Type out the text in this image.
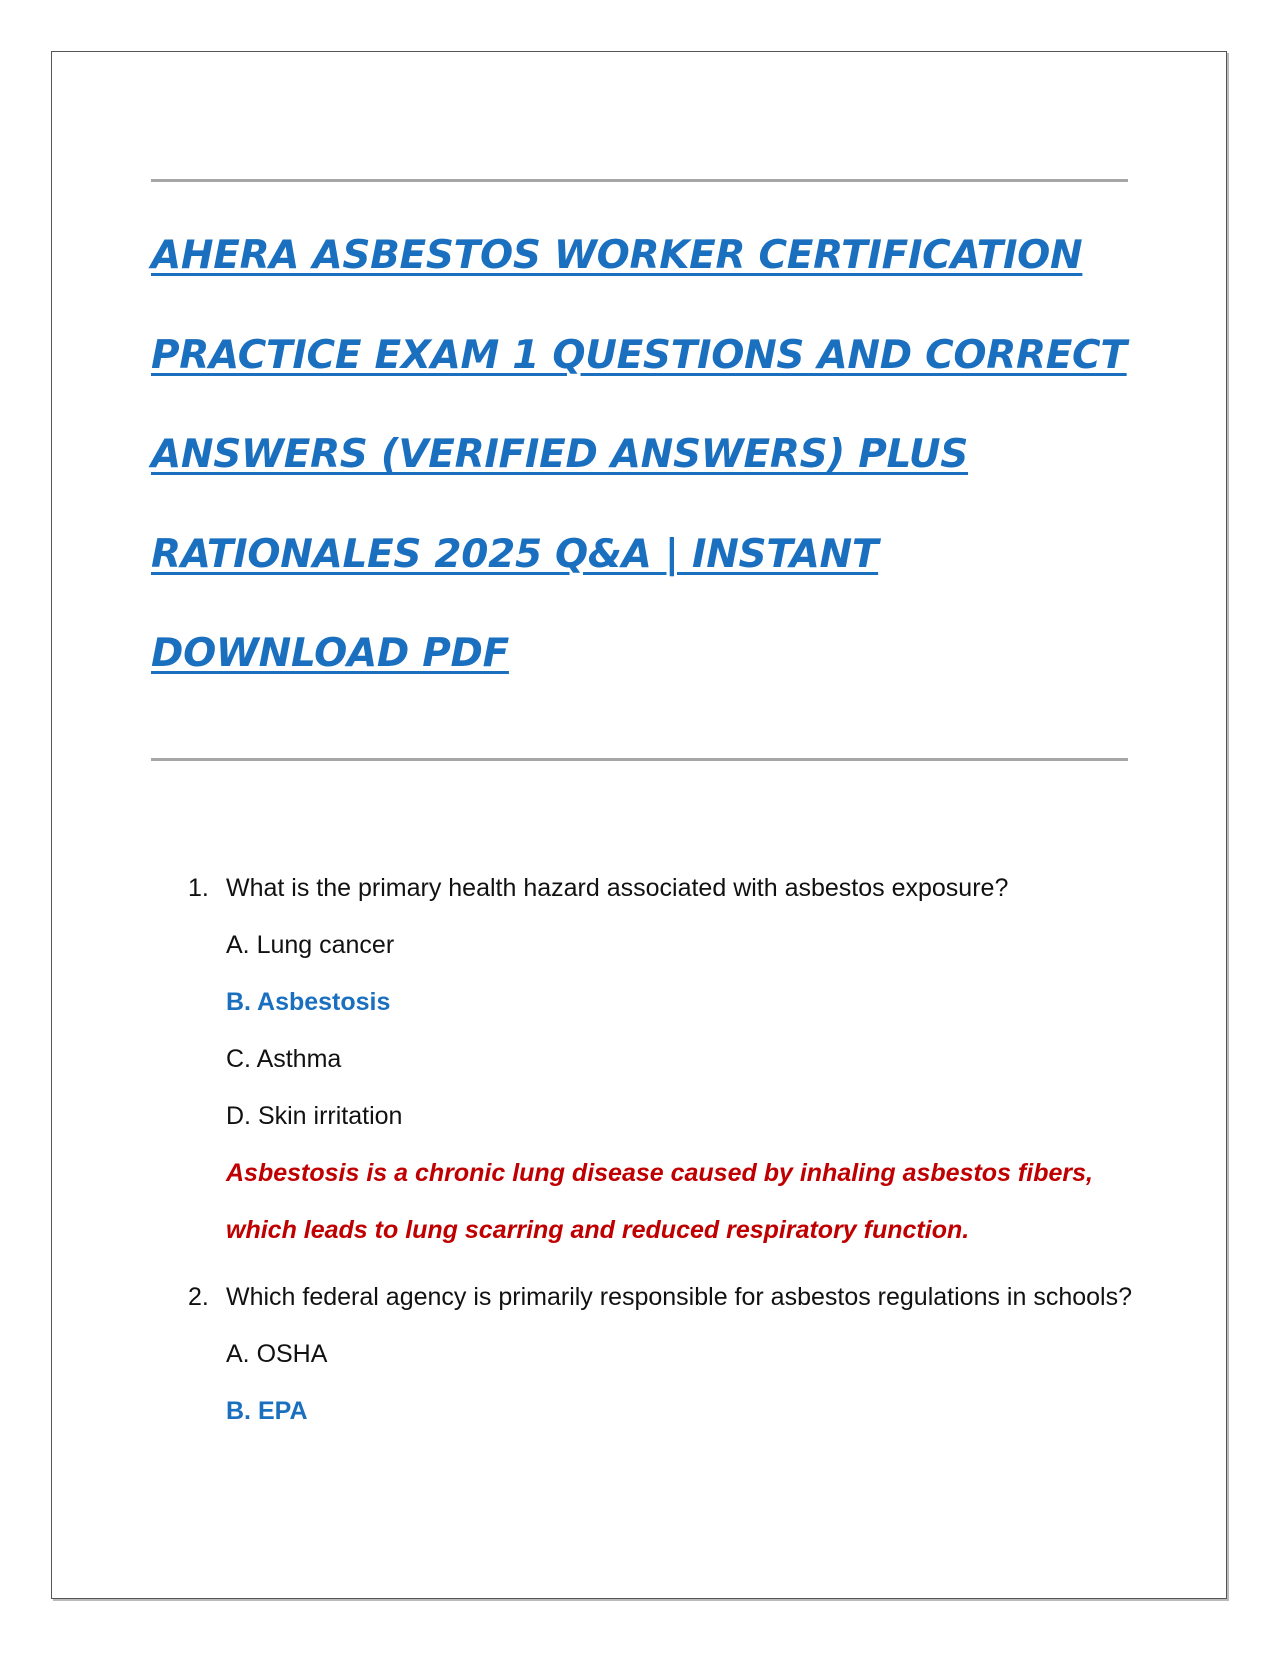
AHERA ASBESTOS WORKER CERTIFICATION PRACTICE EXAM 1 QUESTIONS AND CORRECT ANSWERS (VERIFIED ANSWERS) PLUS RATIONALES 2025 Q&A | INSTANT DOWNLOAD PDF
1. What is the primary health hazard associated with asbestos exposure?

A. Lung cancer

B. Asbestosis

C. Asthma

D. Skin irritation

Asbestosis is a chronic lung disease caused by inhaling asbestos fibers, which leads to lung scarring and reduced respiratory function.

2. Which federal agency is primarily responsible for asbestos regulations in schools?

A. OSHA

B. EPA
